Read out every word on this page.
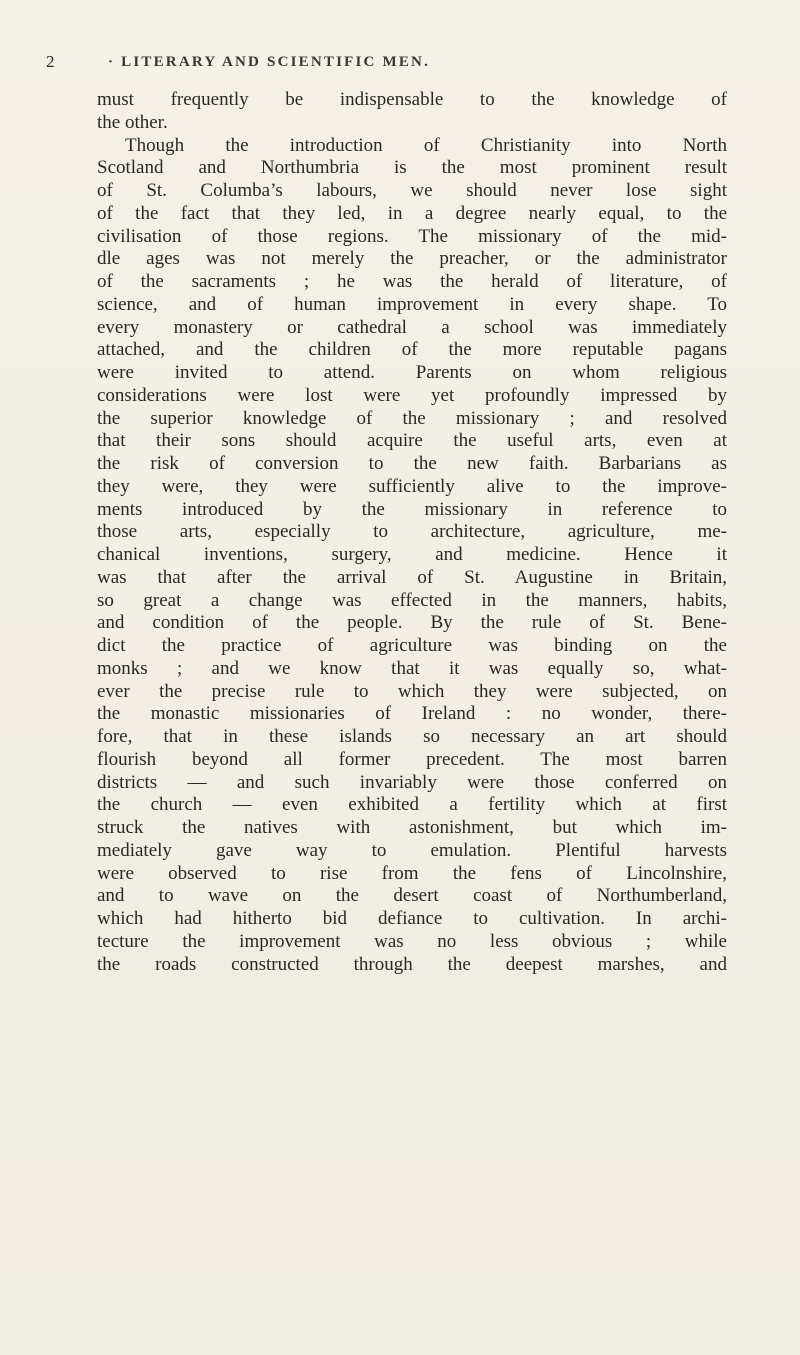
2	· LITERARY AND SCIENTIFIC MEN.
must frequently be indispensable to the knowledge of
the other.
Though the introduction of Christianity into North
Scotland and Northumbria is the most prominent result
of St. Columba’s labours, we should never lose sight
of the fact that they led, in a degree nearly equal, to the
civilisation of those regions. The missionary of the mid-
dle ages was not merely the preacher, or the administrator
of the sacraments ; he was the herald of literature, of
science, and of human improvement in every shape. To
every monastery or cathedral a school was immediately
attached, and the children of the more reputable pagans
were invited to attend. Parents on whom religious
considerations were lost were yet profoundly impressed by
the superior knowledge of the missionary ; and resolved
that their sons should acquire the useful arts, even at
the risk of conversion to the new faith. Barbarians as
they were, they were sufficiently alive to the improve-
ments introduced by the missionary in reference to
those arts, especially to architecture, agriculture, me-
chanical inventions, surgery, and medicine. Hence it
was that after the arrival of St. Augustine in Britain,
so great a change was effected in the manners, habits,
and condition of the people. By the rule of St. Bene-
dict the practice of agriculture was binding on the
monks ; and we know that it was equally so, what-
ever the precise rule to which they were subjected, on
the monastic missionaries of Ireland : no wonder, there-
fore, that in these islands so necessary an art should
flourish beyond all former precedent. The most barren
districts — and such invariably were those conferred on
the church — even exhibited a fertility which at first
struck the natives with astonishment, but which im-
mediately gave way to emulation. Plentiful harvests
were observed to rise from the fens of Lincolnshire,
and to wave on the desert coast of Northumberland,
which had hitherto bid defiance to cultivation. In archi-
tecture the improvement was no less obvious ; while
the roads constructed through the deepest marshes, and
